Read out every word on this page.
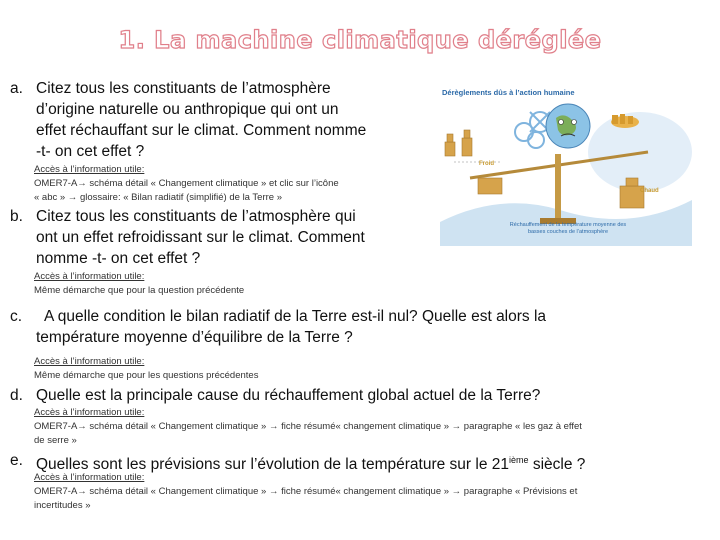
1. La machine climatique déréglée
a. Citez tous les constituants de l’atmosphère
d’origine naturelle ou anthropique qui ont un
effet réchauffant sur le climat. Comment nomme
-t- on cet effet ?
Accès à l’information utile:
OMER7-A→ schéma détail « Changement climatique » et clic sur l’icône
« abc » → glossaire: « Bilan radiatif (simplifié) de la Terre »
b. Citez tous les constituants de l’atmosphère qui
ont un effet refroidissant sur le climat. Comment
nomme -t- on cet effet ?
Accès à l’information utile:
Même démarche que pour la question précédente
c. A quelle condition le bilan radiatif de la Terre est-il nul? Quelle est alors la
température moyenne d’équilibre de la Terre ?
Accès à l’information utile:
Même démarche que pour les questions précédentes
d. Quelle est la principale cause du réchauffement global actuel de la Terre?
Accès à l’information utile:
OMER7-A→ schéma détail « Changement climatique » → fiche résumé« changement climatique » → paragraphe « les gaz à effet
de serre »
e. Quelles sont les prévisions sur l’évolution de la température sur le 21ième siècle ?
Accès à l’information utile:
OMER7-A→ schéma détail « Changement climatique » → fiche résumé« changement climatique » → paragraphe « Prévisions et
incertitudes »
Dérèglements dûs à l’action humaine
Froid
Chaud
Réchauffement de la température moyenne des basses couches de l’atmosphère
